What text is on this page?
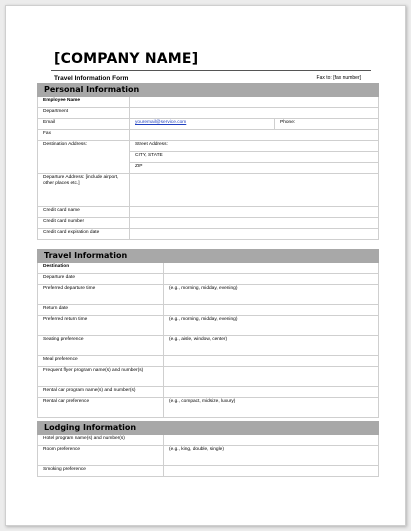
[COMPANY NAME]
Travel Information Form	Fax to: [fax number]
Personal Information		
Employee Name		
Department		
Email	youremail@service.com	Phone:
Fax		
Destination Address:	Street Address:	
	CITY, STATE	
	ZIP	
Departure Address: [include airport, other places etc.]		
Credit card name		
Credit card number		
Credit card expiration date		
Travel Information	
Destination	
Departure date	
Preferred departure time	(e.g., morning, midday, evening)
Return date	
Preferred return time	(e.g., morning, midday, evening)
Seating preference	(e.g., aisle, window, center)
Meal preference	
Frequent flyer program name(s) and number(s)	
Rental car program name(s) and number(s)	
Rental car preference	(e.g., compact, midsize, luxury)
Lodging Information	
Hotel program name(s) and number(s)	
Room preference	(e.g., king, double, single)
Smoking preference	
